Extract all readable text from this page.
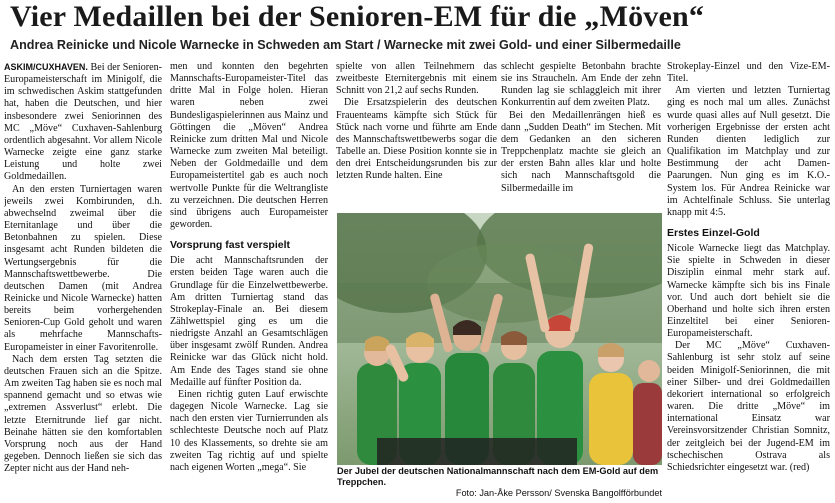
Vier Medaillen bei der Senioren-EM für die „Möven“
Andrea Reinicke und Nicole Warnecke in Schweden am Start / Warnecke mit zwei Gold- und einer Silbermedaille

ASKIM/CUXHAVEN. Bei der Senioren-Europameisterschaft im Minigolf, die im schwedischen Askim stattgefunden hat, haben die Deutschen, und hier insbesondere zwei Seniorinnen des MC „Möve“ Cuxhaven-Sahlenburg ordentlich abgesahnt. Vor allem Nicole Warnecke zeigte eine ganz starke Leistung und holte zwei Goldmedaillen.

An den ersten Turniertagen waren jeweils zwei Kombirunden, d.h. abwechselnd zweimal über die Eternitanlage und über die Betonbahnen zu spielen. Diese insgesamt acht Runden bildeten die Wertungsergebnis für die Mannschaftswettbewerbe. Die deutschen Damen (mit Andrea Reinicke und Nicole Warnecke) hatten bereits beim vorhergehenden Senioren-Cup Gold geholt und waren als mehrfache Mannschafts-Europameister in einer Favoritenrolle.

Nach dem ersten Tag setzten die deutschen Frauen sich an die Spitze. Am zweiten Tag haben sie es noch mal spannend gemacht und so etwas wie „extremen Assverlust“ erlebt. Die letzte Eternitrunde lief gar nicht. Beinahe hätten sie den komfortablen Vorsprung noch aus der Hand gegeben. Dennoch ließen sie sich das Zepter nicht aus der Hand neh-

men und konnten den begehrten Mannschafts-Europameister-Titel das dritte Mal in Folge holen. Hieran waren neben zwei Bundesligaspielerinnen aus Mainz und Göttingen die „Möven“ Andrea Reinicke zum dritten Mal und Nicole Warnecke zum zweiten Mal beteiligt. Neben der Goldmedaille und dem Europameistertitel gab es auch noch wertvolle Punkte für die Weltrangliste zu verzeichnen. Die deutschen Herren sind übrigens auch Europameister geworden.

Vorsprung fast verspielt

Die acht Mannschaftsrunden der ersten beiden Tage waren auch die Grundlage für die Einzelwettbewerbe. Am dritten Turniertag stand das Strokeplay-Finale an. Bei diesem Zählwettspiel ging es um die niedrigste Anzahl an Gesamtschlägen über insgesamt zwölf Runden. Andrea Reinicke war das Glück nicht hold. Am Ende des Tages stand sie ohne Medaille auf fünfter Position da.

Einen richtig guten Lauf erwischte dagegen Nicole Warnecke. Lag sie nach den ersten vier Turnierrunden als schlechteste Deutsche noch auf Platz 10 des Klassements, so drehte sie am zweiten Tag richtig auf und spielte nach eigenen Worten „mega“. Sie

spielte von allen Teilnehmern das zweitbeste Eternitergebnis mit einem Schnitt von 21,2 auf sechs Runden.

Die Ersatzspielerin des deutschen Frauenteams kämpfte sich Stück für Stück nach vorne und führte am Ende des Mannschaftswettbewerbs sogar die Tabelle an. Diese Position konnte sie in den drei Entscheidungsrunden bis zur letzten Runde halten. Eine

schlecht gespielte Betonbahn brachte sie ins Straucheln. Am Ende der zehn Runden lag sie schlaggleich mit ihrer Konkurrentin auf dem zweiten Platz.

Bei den Medaillenrängen hieß es dann „Sudden Death“ im Stechen. Mit dem Gedanken an den sicheren Treppchenplatz machte sie gleich an der ersten Bahn alles klar und holte sich nach Mannschaftsgold die Silbermedaille im

Strokeplay-Einzel und den Vize-EM-Titel.

Am vierten und letzten Turniertag ging es noch mal um alles. Zunächst wurde quasi alles auf Null gesetzt. Die vorherigen Ergebnisse der ersten acht Runden dienten lediglich zur Qualifikation im Matchplay und zur Bestimmung der acht Damen-Paarungen. Nun ging es im K.O.-System los. Für Andrea Reinicke war im Achtelfinale Schluss. Sie unterlag knapp mit 4:5.

Erstes Einzel-Gold

Nicole Warnecke liegt das Matchplay. Sie spielte in Schweden in dieser Disziplin einmal mehr stark auf. Warnecke kämpfte sich bis ins Finale vor. Und auch dort behielt sie die Oberhand und holte sich ihren ersten Einzeltitel bei einer Senioren-Europameisterschaft.

Der MC „Möve“ Cuxhaven-Sahlenburg ist sehr stolz auf seine beiden Minigolf-Seniorinnen, die mit einer Silber- und drei Goldmedaillen dekoriert international so erfolgreich waren. Die dritte „Möve“ im international Einsatz war Vereinsvorsitzender Christian Somnitz, der zeitgleich bei der Jugend-EM im tschechischen Ostrava als Schiedsrichter eingesetzt war. (red)

Der Jubel der deutschen Nationalmannschaft nach dem EM-Gold auf dem Treppchen.
Foto: Jan-Åke Persson/ Svenska Bangolfförbundet
